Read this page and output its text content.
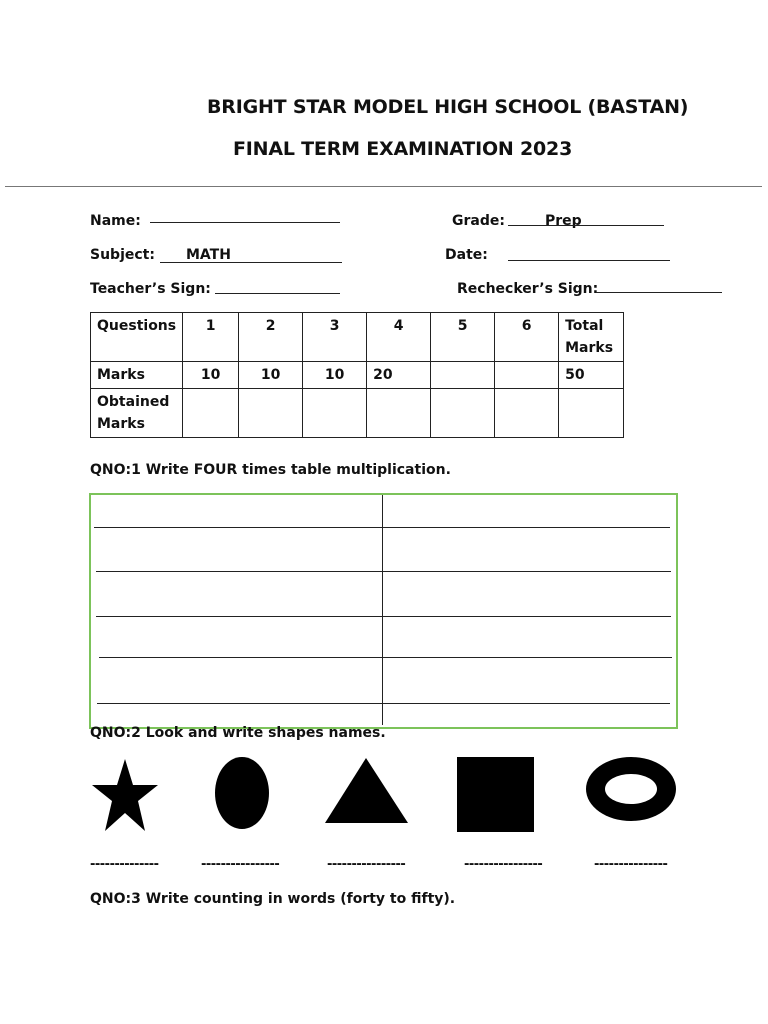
BRIGHT STAR MODEL HIGH SCHOOL (BASTAN)
FINAL TERM EXAMINATION 2023
Name:	Grade:	Prep
Subject: MATH	Date:
Teacher’s Sign:	Rechecker’s Sign:
Questions	1	2	3	4	5	6	Total Marks
Marks	10	10	10	20			50
Obtained Marks							
QNO:1 Write FOUR times table multiplication.
QNO:2 Look and write shapes names.
--------------	----------------	----------------	----------------	---------------
QNO:3 Write counting in words (forty to fifty).
